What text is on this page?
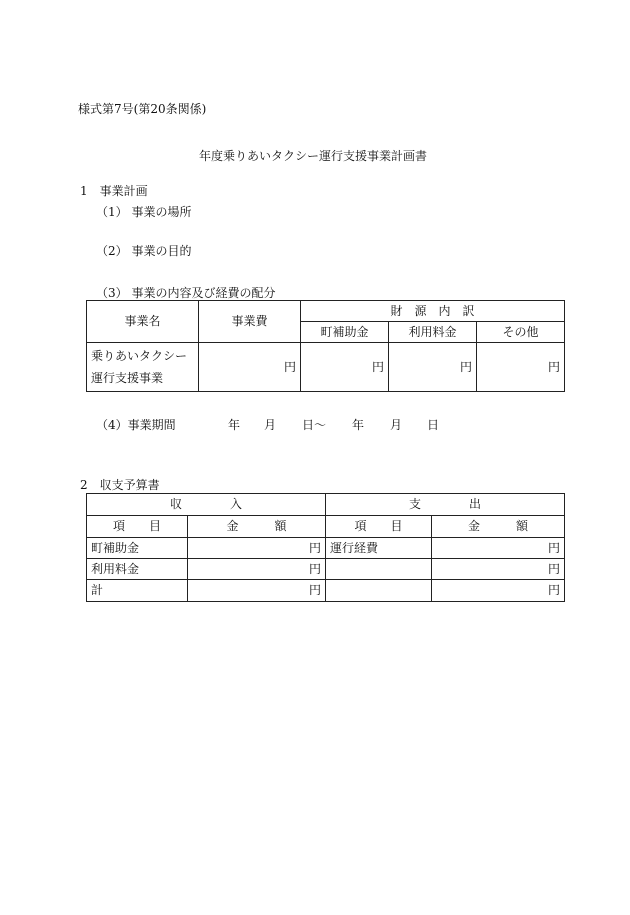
様式第7号(第20条関係)
年度乗りあいタクシー運行支援事業計画書
1　事業計画
（1） 事業の場所
（2） 事業の目的
（3） 事業の内容及び経費の配分
事業名	事業費	財　源　内　訳		
		町補助金	利用料金	その他

乗りあいタクシー
運行支援事業	円	円	円	円
（4）事業期間	年 月 日～ 年 月 日
2　収支予算書
収　　　　入		支　　　　出	
項　　目	金　　　額	項　　目	金　　　額
町補助金	円	運行経費	円
利用料金	円		円
計	円		円
